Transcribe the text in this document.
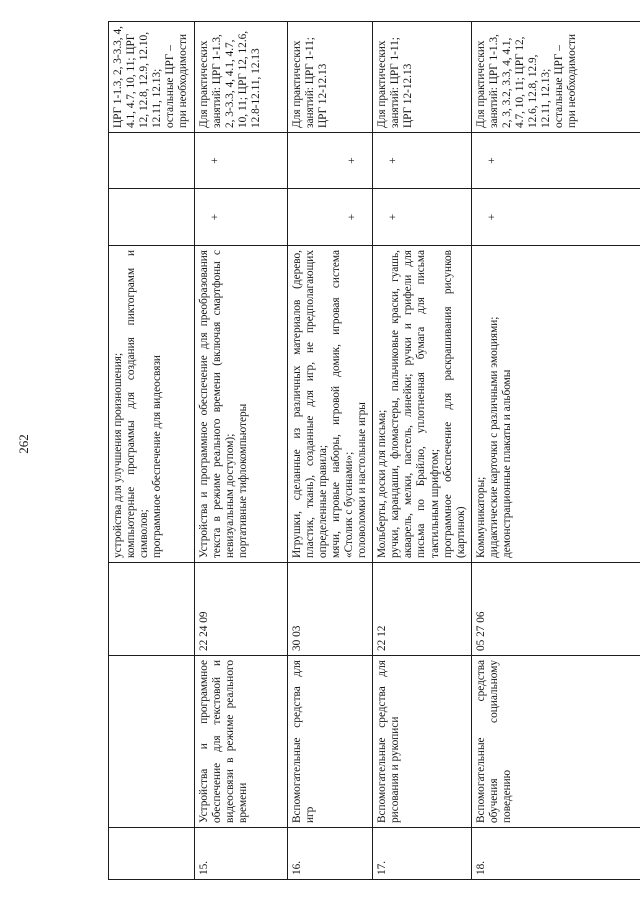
262

			устройства для улучшения произношения; компьютерные программы для создания пиктограмм и символов; программное обеспечение для видеосвязи			ЦРГ 1-1.3, 2, 3-3.3, 4, 4.1, 4.7, 10, 11; ЦРГ 12, 12.8, 12.9, 12.10, 12.11, 12.13; остальные ЦРГ – при необходимости
15.	Устройства и программное обеспечение для текстовой и видеосвязи в режиме реального времени	22 24 09	Устройства и программное обеспечение для преобразования текста в режиме реального времени (включая смартфоны с невизуальным доступом); портативные тифлокомпьютеры	+	+	Для практических занятий: ЦРГ 1-1.3, 2, 3-3.3, 4, 4.1, 4.7, 10, 11; ЦРГ 12, 12.6, 12.8-12.11, 12.13
16.	Вспомогательные средства для игр	30 03	Игрушки, сделанные из различных материалов (дерево, пластик, ткань), созданные для игр, не предполагающих определенные правила; мячи, игровые наборы, игровой домик, игровая система «Столик с бусинами»; головоломки и настольные игры	+	+	Для практических занятий: ЦРГ 1-11; ЦРГ 12-12.13
17.	Вспомогательные средства для рисования и рукописи	22 12	Мольберты, доски для письма; ручки, карандаши, фломастеры, пальчиковые краски, гуашь, акварель, мелки, пастель, линейки; ручки и грифели для письма по Брайлю, уплотненная бумага для письма тактильным шрифтом; программное обеспечение для раскрашивания рисунков (картинок)	+	+	Для практических занятий: ЦРГ 1-11; ЦРГ 12-12.13
18.	Вспомогательные средства обучения социальному поведению	05 27 06	Коммуникаторы; дидактические карточки с различными эмоциями; демонстрационные плакаты и альбомы	+	+	Для практических занятий: ЦРГ 1-1.3, 2, 3, 3.2, 3.3, 4, 4.1, 4.7, 10, 11; ЦРГ 12, 12.6, 12.8, 12.9, 12.11, 12.13; остальные ЦРГ – при необходимости
